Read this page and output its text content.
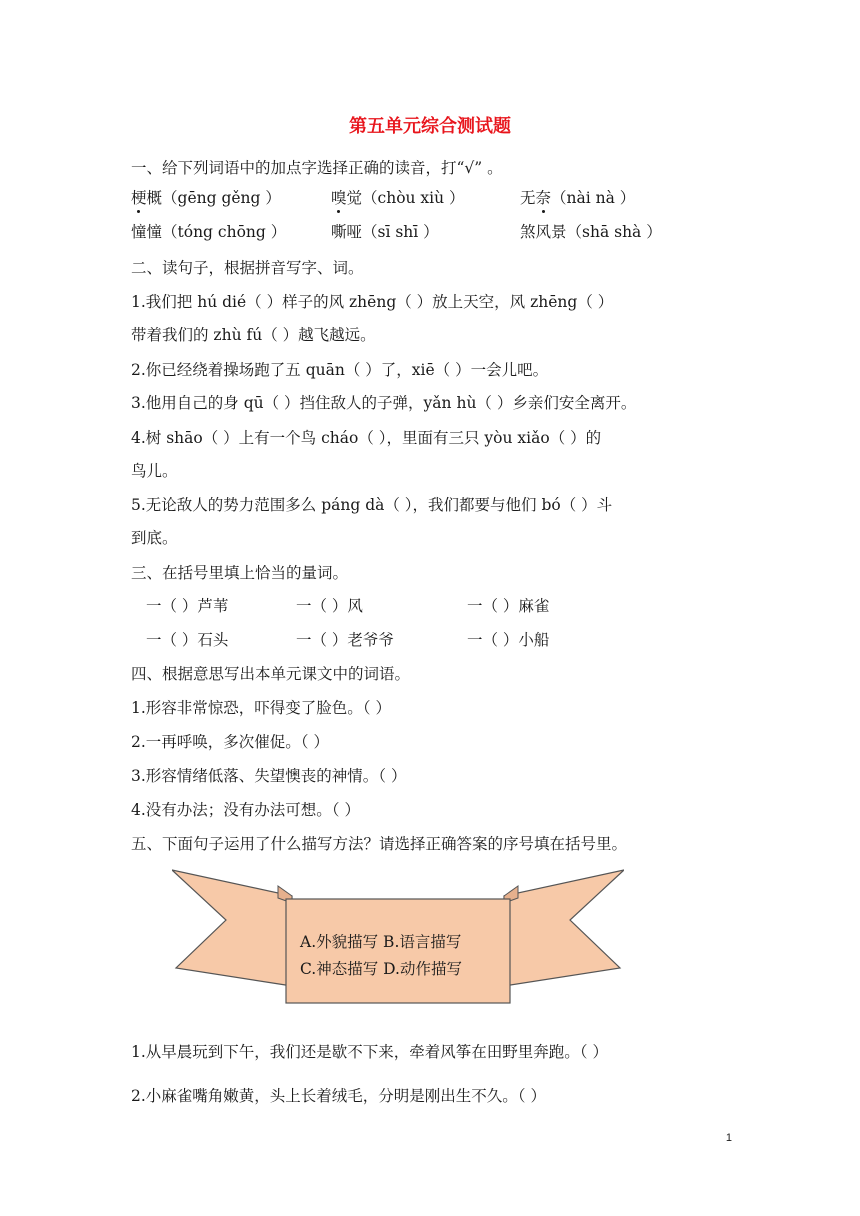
第五单元综合测试题
一、给下列词语中的加点字选择正确的读音，打“√” 。
梗概（gēng gěng ）	嗅觉（chòu xiù ）	无奈（nài nà ）
憧憧（tóng chōng ）	嘶哑（sī shī ）	煞风景（shā shà ）
二、读句子，根据拼音写字、词。
1.我们把 hú dié（ ）样子的风 zhēng（ ）放上天空，风 zhēng（ ）
带着我们的 zhù fú（ ）越飞越远。
2.你已经绕着操场跑了五 quān（ ）了，xiē（ ）一会儿吧。
3.他用自己的身 qū（ ）挡住敌人的子弹，yǎn hù（ ）乡亲们安全离开。
4.树 shāo（ ）上有一个鸟 cháo（ ），里面有三只 yòu xiǎo（ ）的
鸟儿。
5.无论敌人的势力范围多么 páng dà（ ），我们都要与他们 bó（ ）斗
到底。
三、在括号里填上恰当的量词。
一（ ）芦苇	一（ ）风	一（ ）麻雀
一（ ）石头	一（ ）老爷爷	一（ ）小船
四、根据意思写出本单元课文中的词语。
1.形容非常惊恐，吓得变了脸色。（ ）
2.一再呼唤，多次催促。（ ）
3.形容情绪低落、失望懊丧的神情。（ ）
4.没有办法；没有办法可想。（ ）
五、下面句子运用了什么描写方法？请选择正确答案的序号填在括号里。
A.外貌描写 B.语言描写
C.神态描写 D.动作描写
1.从早晨玩到下午，我们还是歇不下来，牵着风筝在田野里奔跑。（ ）
2.小麻雀嘴角嫩黄，头上长着绒毛，分明是刚出生不久。（ ）
1
